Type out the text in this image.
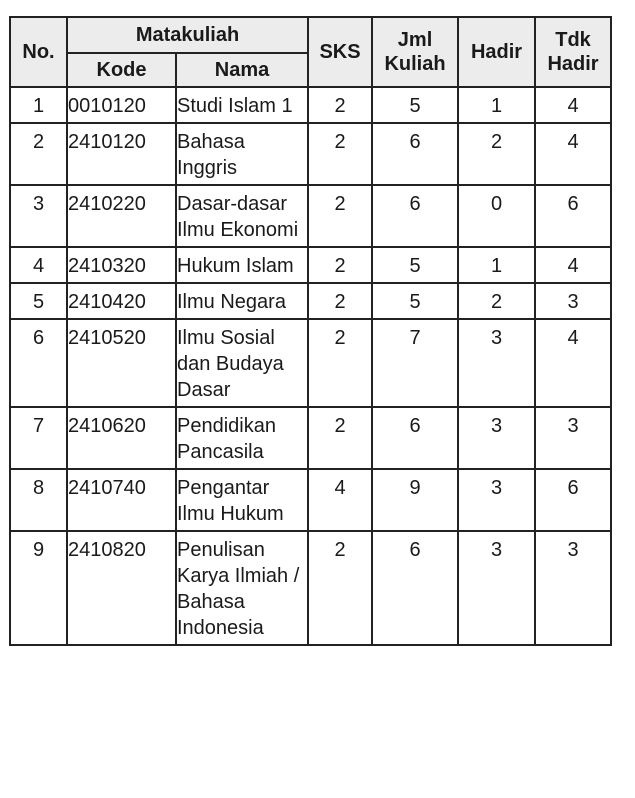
No.	Matakuliah		SKS	Jml Kuliah	Hadir	Tdk Hadir
	Kode	Nama				
1	0010120	Studi Islam 1	2	5	1	4
2	2410120	Bahasa Inggris	2	6	2	4
3	2410220	Dasar-dasar Ilmu Ekonomi	2	6	0	6
4	2410320	Hukum Islam	2	5	1	4
5	2410420	Ilmu Negara	2	5	2	3
6	2410520	Ilmu Sosial dan Budaya Dasar	2	7	3	4
7	2410620	Pendidikan Pancasila	2	6	3	3
8	2410740	Pengantar Ilmu Hukum	4	9	3	6
9	2410820	Penulisan Karya Ilmiah / Bahasa Indonesia	2	6	3	3
